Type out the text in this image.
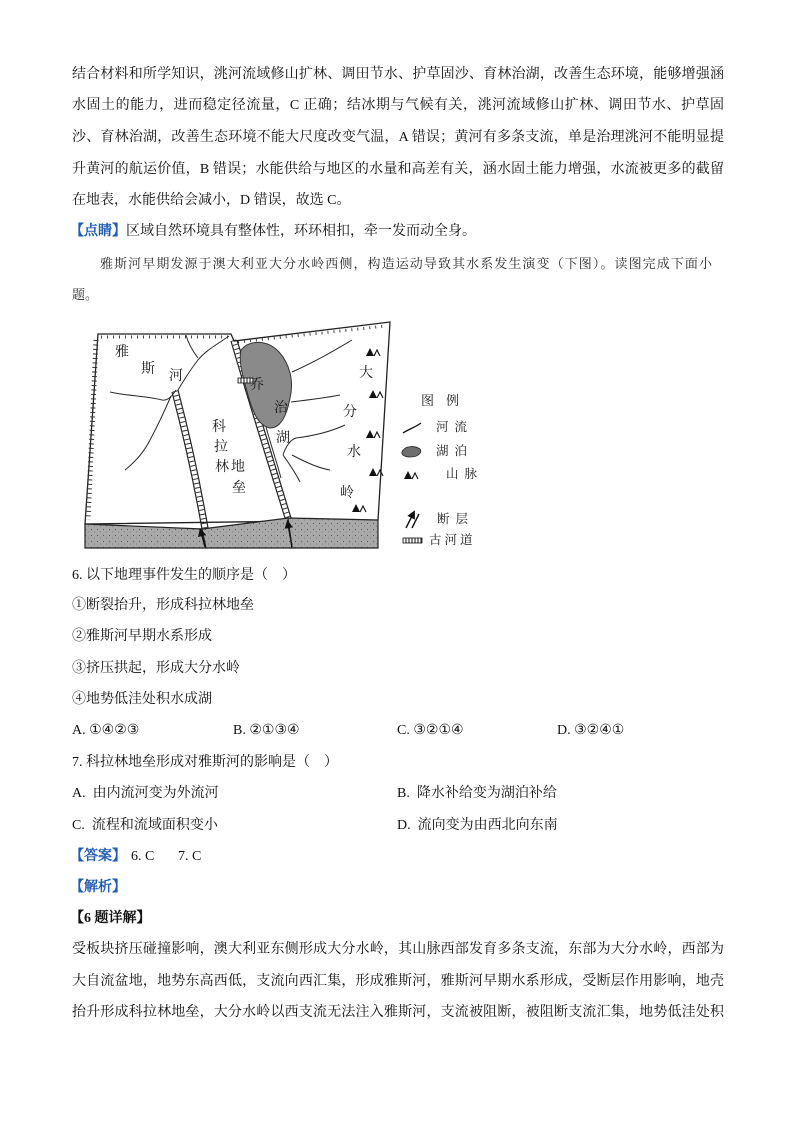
结合材料和所学知识，洮河流域修山扩林、调田节水、护草固沙、育林治湖，改善生态环境，能够增强涵
水固土的能力，进而稳定径流量，C 正确；结冰期与气候有关，洮河流域修山扩林、调田节水、护草固
沙、育林治湖，改善生态环境不能大尺度改变气温，A 错误；黄河有多条支流，单是治理洮河不能明显提
升黄河的航运价值，B 错误；水能供给与地区的水量和高差有关，涵水固土能力增强，水流被更多的截留
在地表，水能供给会减小，D 错误，故选 C。
【点睛】区域自然环境具有整体性，环环相扣，牵一发而动全身。
雅斯河早期发源于澳大利亚大分水岭西侧，构造运动导致其水系发生演变（下图）。读图完成下面小
题。
雅
斯 河
乔
治
湖
科
拉
林 地
垒
大
分
水
岭
图例
河流
湖泊
山脉
断层
古河道
6. 以下地理事件发生的顺序是（    ）
①断裂抬升，形成科拉林地垒
②雅斯河早期水系形成
③挤压拱起，形成大分水岭
④地势低洼处积水成湖
A. ①④②③	B. ②①③④	C. ③②①④	D. ③②④①
7. 科拉林地垒形成对雅斯河的影响是（    ）
A.  由内流河变为外流河	B.  降水补给变为湖泊补给
C.  流程和流域面积变小	D.  流向变为由西北向东南
【答案】 6. C 7. C
【解析】
【6 题详解】
受板块挤压碰撞影响，澳大利亚东侧形成大分水岭，其山脉西部发育多条支流，东部为大分水岭，西部为
大自流盆地，地势东高西低，支流向西汇集，形成雅斯河，雅斯河早期水系形成，受断层作用影响，地壳
抬升形成科拉林地垒，大分水岭以西支流无法注入雅斯河，支流被阻断，被阻断支流汇集，地势低洼处积
